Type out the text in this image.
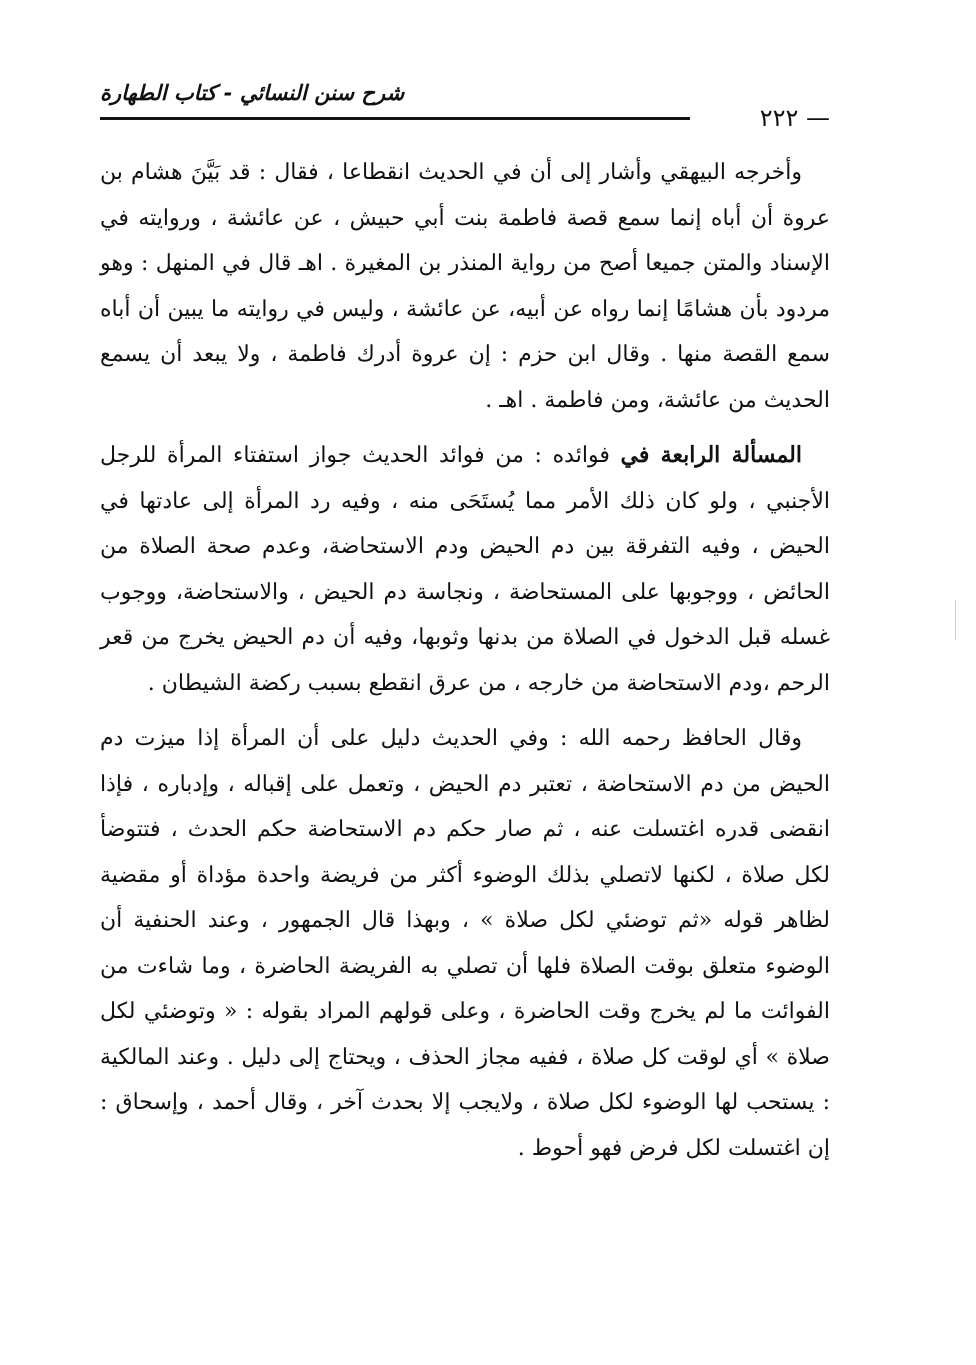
شرح سنن النسائي - كتاب الطهارة
— ٢٢٢

وأخرجه البيهقي وأشار إلى أن في الحديث انقطاعا ، فقال : قد بَيَّنَ هشام بن عروة أن أباه إنما سمع قصة فاطمة بنت أبي حبيش ، عن عائشة ، وروايته في الإسناد والمتن جميعا أصح من رواية المنذر بن المغيرة . اهـ قال في المنهل : وهو مردود بأن هشامًا إنما رواه عن أبيه، عن عائشة ، وليس في روايته ما يبين أن أباه سمع القصة منها . وقال ابن حزم : إن عروة أدرك فاطمة ، ولا يبعد أن يسمع الحديث من عائشة، ومن فاطمة . اهـ .

المسألة الرابعة في فوائده : من فوائد الحديث جواز استفتاء المرأة للرجل الأجنبي ، ولو كان ذلك الأمر مما يُستَحَى منه ، وفيه رد المرأة إلى عادتها في الحيض ، وفيه التفرقة بين دم الحيض ودم الاستحاضة، وعدم صحة الصلاة من الحائض ، ووجوبها على المستحاضة ، ونجاسة دم الحيض ، والاستحاضة، ووجوب غسله قبل الدخول في الصلاة من بدنها وثوبها، وفيه أن دم الحيض يخرج من قعر الرحم ،ودم الاستحاضة من خارجه ، من عرق انقطع بسبب ركضة الشيطان .

وقال الحافظ رحمه الله : وفي الحديث دليل على أن المرأة إذا ميزت دم الحيض من دم الاستحاضة ، تعتبر دم الحيض ، وتعمل على إقباله ، وإدباره ، فإذا انقضى قدره اغتسلت عنه ، ثم صار حكم دم الاستحاضة حكم الحدث ، فتتوضأ لكل صلاة ، لكنها لاتصلي بذلك الوضوء أكثر من فريضة واحدة مؤداة أو مقضية لظاهر قوله «ثم توضئي لكل صلاة » ، وبهذا قال الجمهور ، وعند الحنفية أن الوضوء متعلق بوقت الصلاة فلها أن تصلي به الفريضة الحاضرة ، وما شاءت من الفوائت ما لم يخرج وقت الحاضرة ، وعلى قولهم المراد بقوله : « وتوضئي لكل صلاة » أي لوقت كل صلاة ، ففيه مجاز الحذف ، ويحتاج إلى دليل . وعند المالكية : يستحب لها الوضوء لكل صلاة ، ولايجب إلا بحدث آخر ، وقال أحمد ، وإسحاق : إن اغتسلت لكل فرض فهو أحوط .
